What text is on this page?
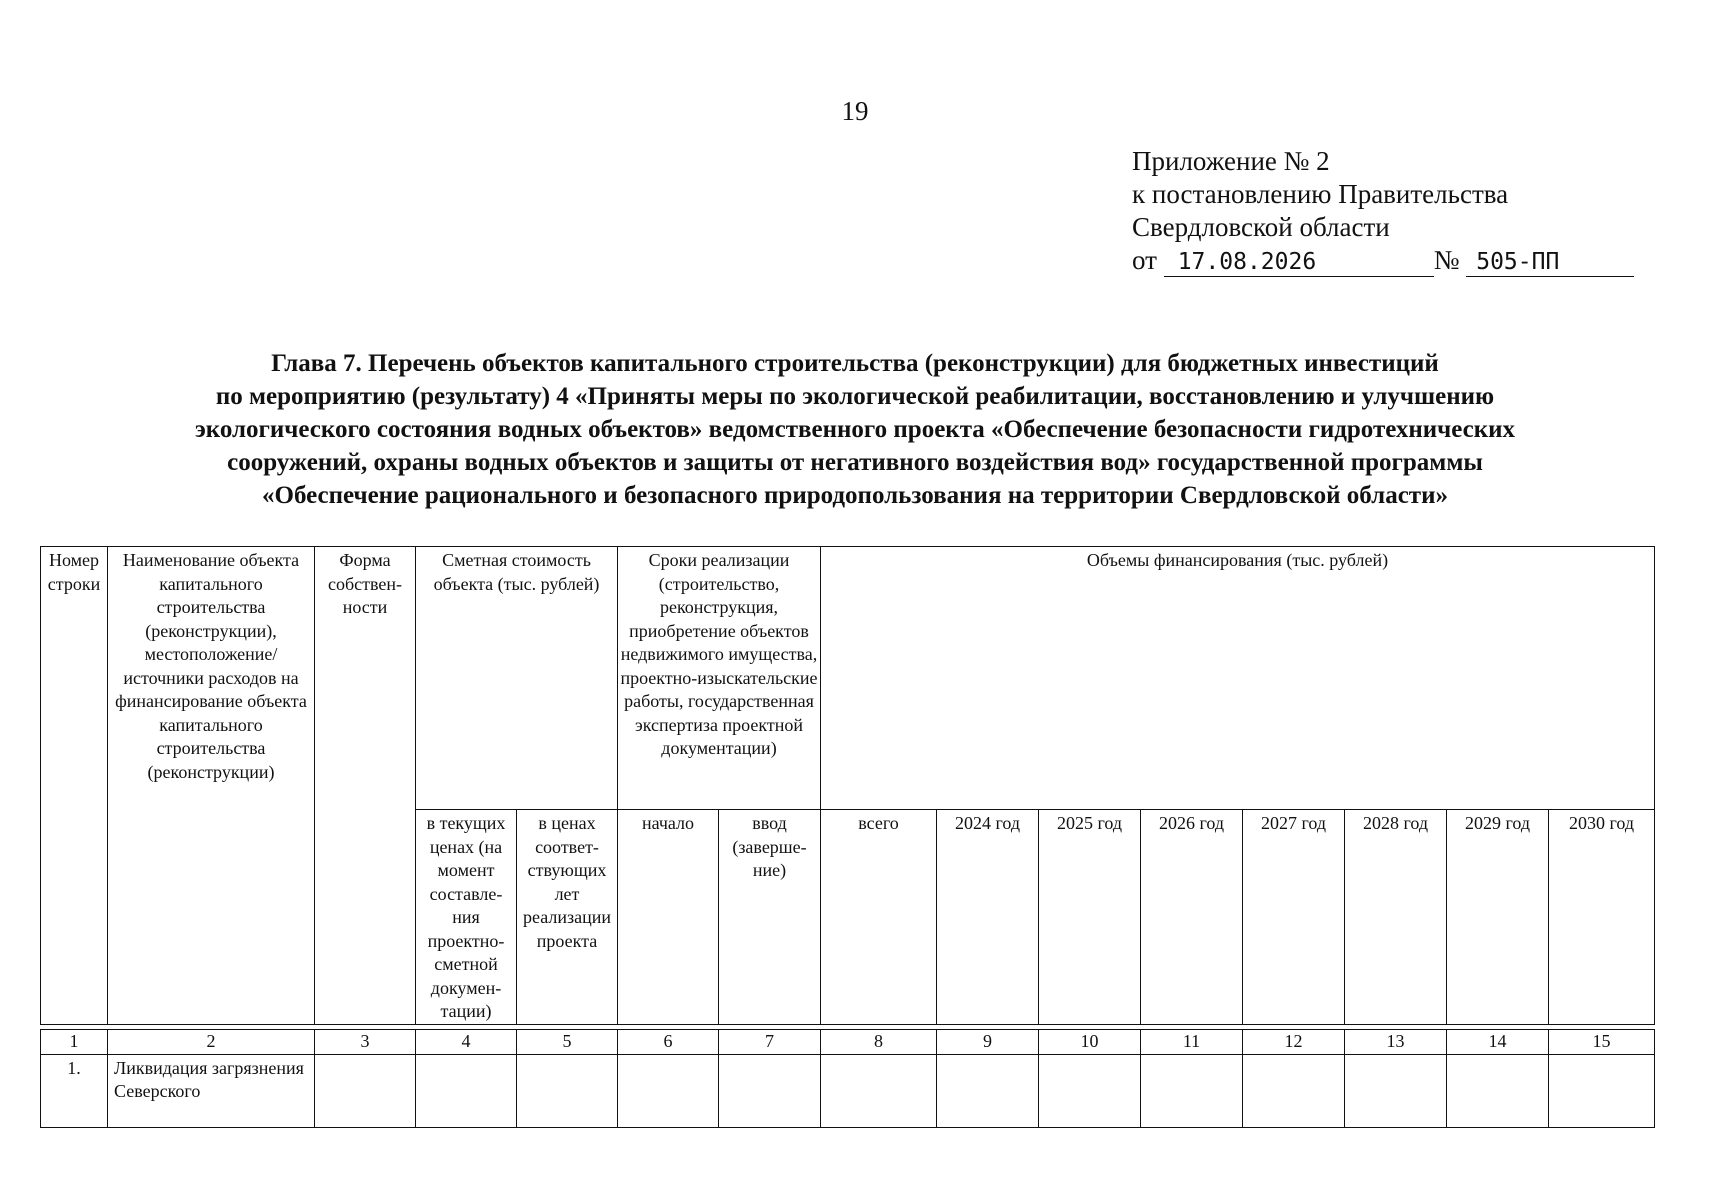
19
Приложение № 2
к постановлению Правительства
Свердловской области
от 17.08.2026	№ 505-ПП
Глава 7. Перечень объектов капитального строительства (реконструкции) для бюджетных инвестиций
по мероприятию (результату) 4 «Приняты меры по экологической реабилитации, восстановлению и улучшению
экологического состояния водных объектов» ведомственного проекта «Обеспечение безопасности гидротехнических
сооружений, охраны водных объектов и защиты от негативного воздействия вод» государственной программы
«Обеспечение рационального и безопасного природопользования на территории Свердловской области»
Номер строки	Наименование объекта капитального строительства (реконструкции), местоположение/ источники расходов на финансирование объекта капитального строительства (реконструкции)	Форма собствен-ности	Сметная стоимость объекта (тыс. рублей)		Сроки реализации (строительство, реконструкция, приобретение объектов недвижимого имущества, проектно-изыскательские работы, государственная экспертиза проектной документации)		Объемы финансирования (тыс. рублей)							
			в текущих ценах (на момент составле-ния проектно-сметной докумен-тации)	в ценах соответ-ствующих лет реализации проекта	начало	ввод (заверше-ние)	всего	2024 год	2025 год	2026 год	2027 год	2028 год	2029 год	2030 год
1	2	3	4	5	6	7	8	9	10	11	12	13	14	15
1.	Ликвидация загрязнения Северского													
